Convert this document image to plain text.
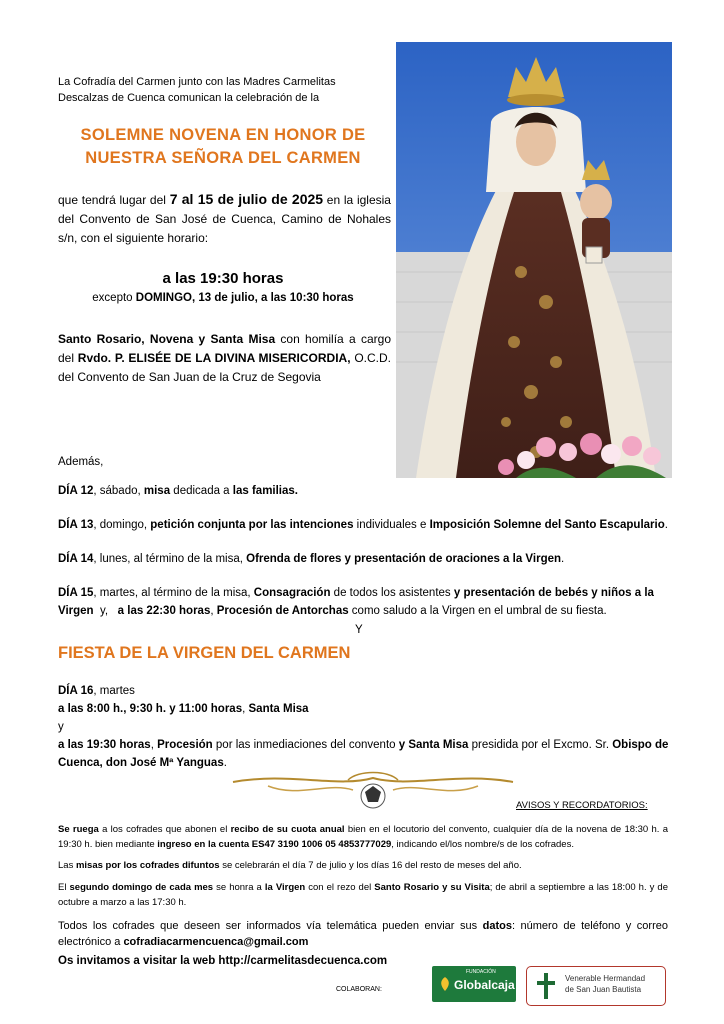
La Cofradía del Carmen junto con las Madres Carmelitas
Descalzas de Cuenca comunican la celebración de la
SOLEMNE NOVENA EN HONOR DE
NUESTRA SEÑORA DEL CARMEN
que tendrá lugar del 7 al 15 de julio de 2025 en la iglesia del Convento de San José de Cuenca, Camino de Nohales s/n, con el siguiente horario:
a las 19:30 horas
excepto DOMINGO, 13 de julio, a las 10:30 horas
Santo Rosario, Novena y Santa Misa con homilía a cargo del Rvdo. P. ELISÉE DE LA DIVINA MISERICORDIA, O.C.D. del Convento de San Juan de la Cruz de Segovia
Además,
DÍA 12, sábado, misa dedicada a las familias.
DÍA 13, domingo, petición conjunta por las intenciones individuales e Imposición Solemne del Santo Escapulario.
DÍA 14, lunes, al término de la misa, Ofrenda de flores y presentación de oraciones a la Virgen.
DÍA 15, martes, al término de la misa, Consagración de todos los asistentes y presentación de bebés y niños a la Virgen  y,   a las 22:30 horas, Procesión de Antorchas como saludo a la Virgen en el umbral de su fiesta.
Y
FIESTA DE LA VIRGEN DEL CARMEN
DÍA 16, martes
a las 8:00 h., 9:30 h. y 11:00 horas, Santa Misa
y
a las 19:30 horas, Procesión por las inmediaciones del convento y Santa Misa presidida por el Excmo. Sr. Obispo de Cuenca, don José Mª Yanguas.
AVISOS Y RECORDATORIOS:
Se ruega a los cofrades que abonen el recibo de su cuota anual bien en el locutorio del convento, cualquier día de la novena de 18:30 h. a 19:30 h. bien mediante ingreso en la cuenta ES47 3190 1006 05 4853777029, indicando el/los nombre/s de los cofrades.
Las misas por los cofrades difuntos se celebrarán el día 7 de julio y los días 16 del resto de meses del año.
El segundo domingo de cada mes se honra a la Virgen con el rezo del Santo Rosario y su Visita; de abril a septiembre a las 18:00 h. y de octubre a marzo a las 17:30 h.
Todos los cofrades que deseen ser informados vía telemática pueden enviar sus datos: número de teléfono y correo electrónico a cofradiacarmencuenca@gmail.com
Os invitamos a visitar la web http://carmelitasdecuenca.com
COLABORAN:
FUNDACIÓN
Globalcaja	Venerable Hermandad
de San Juan Bautista
